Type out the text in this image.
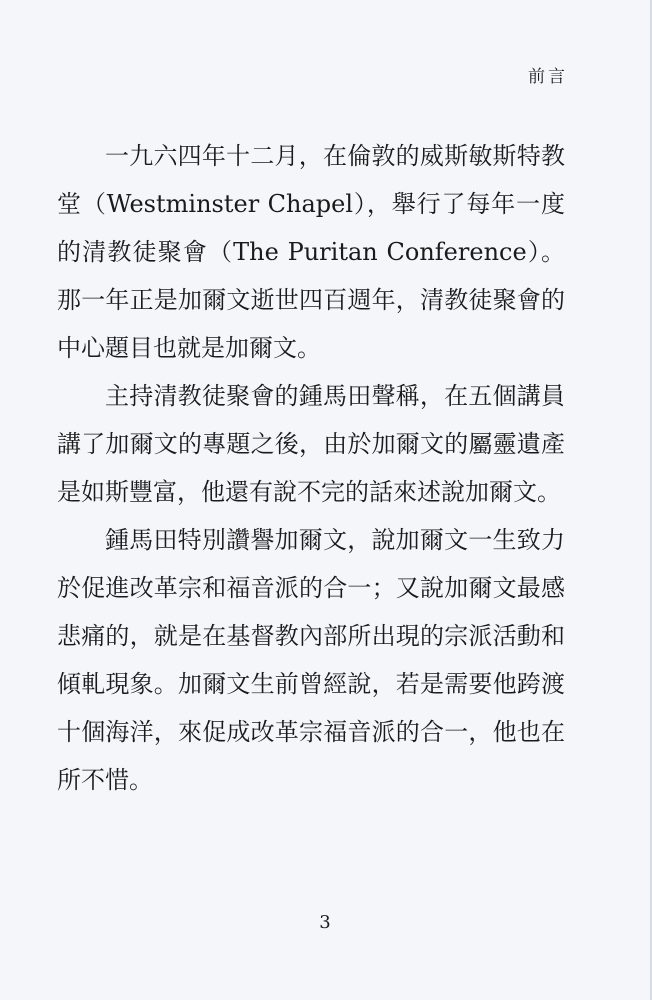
前言

一九六四年十二月，在倫敦的威斯敏斯特教堂（Westminster Chapel），舉行了每年一度的清教徒聚會（The Puritan Conference）。那一年正是加爾文逝世四百週年，清教徒聚會的中心題目也就是加爾文。

主持清教徒聚會的鍾馬田聲稱，在五個講員講了加爾文的專題之後，由於加爾文的屬靈遺產是如斯豐富，他還有說不完的話來述說加爾文。

鍾馬田特別讚譽加爾文，說加爾文一生致力於促進改革宗和福音派的合一；又說加爾文最感悲痛的，就是在基督教內部所出現的宗派活動和傾軋現象。加爾文生前曾經說，若是需要他跨渡十個海洋，來促成改革宗福音派的合一，他也在所不惜。

3
